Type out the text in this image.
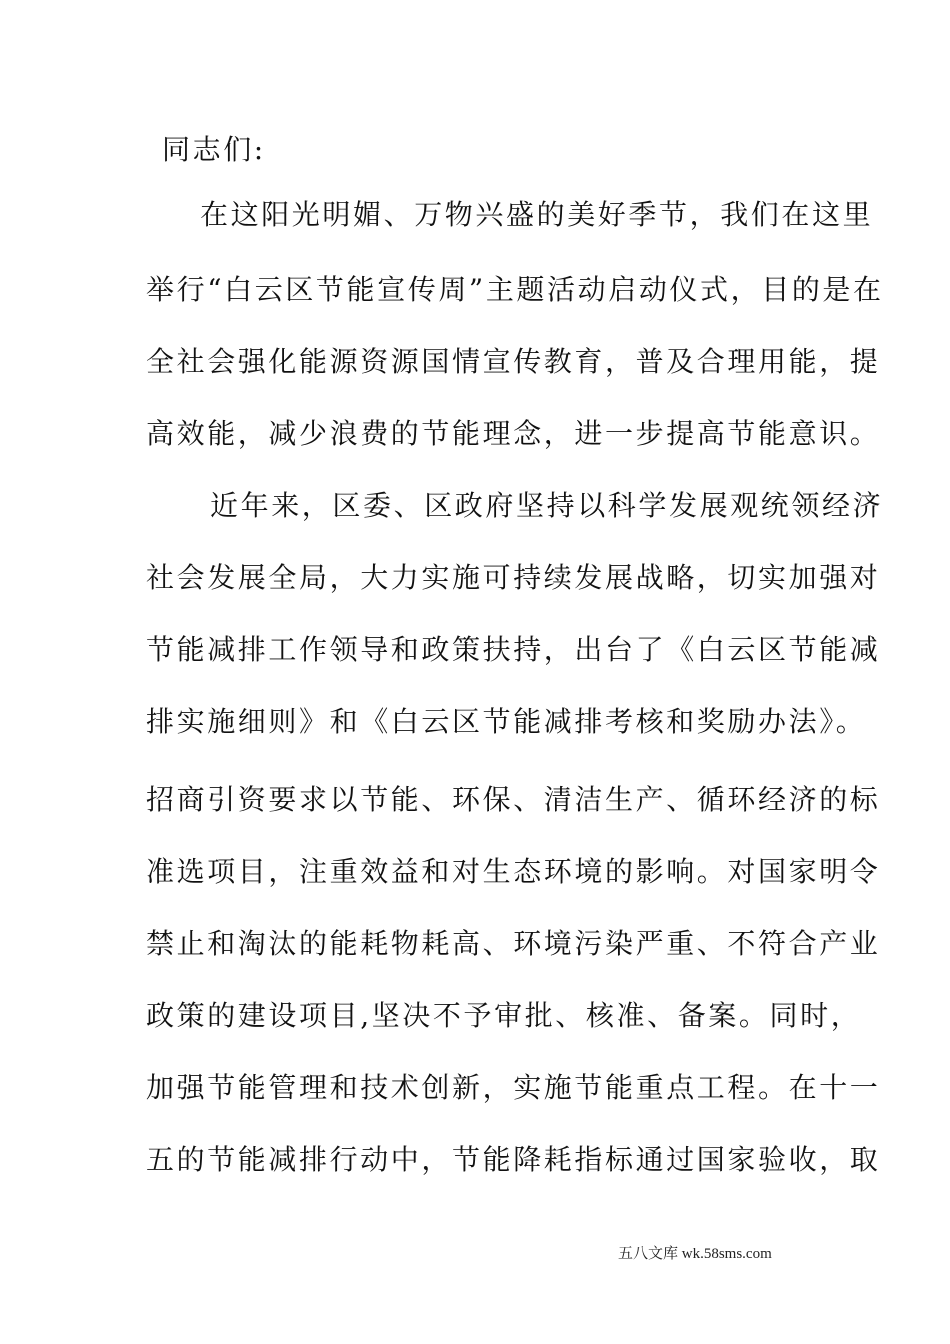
同志们:
在这阳光明媚、万物兴盛的美好季节，我们在这里
举行“白云区节能宣传周”主题活动启动仪式，目的是在
全社会强化能源资源国情宣传教育，普及合理用能，提
高效能，减少浪费的节能理念，进一步提高节能意识。
近年来，区委、区政府坚持以科学发展观统领经济
社会发展全局，大力实施可持续发展战略，切实加强对
节能减排工作领导和政策扶持，出台了《白云区节能减
排实施细则》和《白云区节能减排考核和奖励办法》。
招商引资要求以节能、环保、清洁生产、循环经济的标
准选项目，注重效益和对生态环境的影响。对国家明令
禁止和淘汰的能耗物耗高、环境污染严重、不符合产业
政策的建设项目,坚决不予审批、核准、备案。同时，
加强节能管理和技术创新，实施节能重点工程。在十一
五的节能减排行动中，节能降耗指标通过国家验收，取
五八文库 wk.58sms.com
